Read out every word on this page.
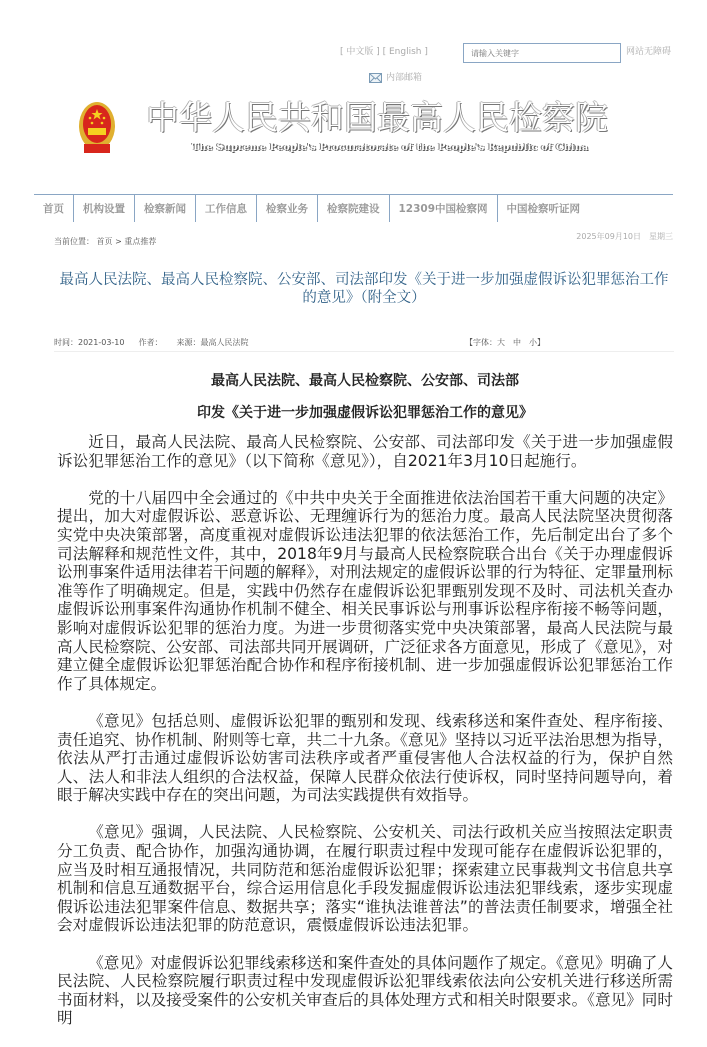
[ 中文版 ] [ English ]
请输入关键字	网站无障碍
内部邮箱
中华人民共和国最高人民检察院
The Supreme People's Procuratorate of the People's Republic of China
首页	机构设置	检察新闻	工作信息	检察业务	检察院建设	12309中国检察网	中国检察听证网
当前位置： 首页 > 重点推荐
2025年09月10日　星期三
最高人民法院、最高人民检察院、公安部、司法部印发《关于进一步加强虚假诉讼犯罪惩治工作的意见》（附全文）
时间：2021-03-10 作者： 来源：最高人民法院	【字体：大　中　小】
最高人民法院、最高人民检察院、公安部、司法部
印发《关于进一步加强虚假诉讼犯罪惩治工作的意见》

近日，最高人民法院、最高人民检察院、公安部、司法部印发《关于进一步加强虚假诉讼犯罪惩治工作的意见》（以下简称《意见》），自2021年3月10日起施行。

党的十八届四中全会通过的《中共中央关于全面推进依法治国若干重大问题的决定》提出，加大对虚假诉讼、恶意诉讼、无理缠诉行为的惩治力度。最高人民法院坚决贯彻落实党中央决策部署，高度重视对虚假诉讼违法犯罪的依法惩治工作，先后制定出台了多个司法解释和规范性文件，其中，2018年9月与最高人民检察院联合出台《关于办理虚假诉讼刑事案件适用法律若干问题的解释》，对刑法规定的虚假诉讼罪的行为特征、定罪量刑标准等作了明确规定。但是，实践中仍然存在虚假诉讼犯罪甄别发现不及时、司法机关查办虚假诉讼刑事案件沟通协作机制不健全、相关民事诉讼与刑事诉讼程序衔接不畅等问题，影响对虚假诉讼犯罪的惩治力度。为进一步贯彻落实党中央决策部署，最高人民法院与最高人民检察院、公安部、司法部共同开展调研，广泛征求各方面意见，形成了《意见》，对建立健全虚假诉讼犯罪惩治配合协作和程序衔接机制、进一步加强虚假诉讼犯罪惩治工作作了具体规定。

《意见》包括总则、虚假诉讼犯罪的甄别和发现、线索移送和案件查处、程序衔接、责任追究、协作机制、附则等七章，共二十九条。《意见》坚持以习近平法治思想为指导，依法从严打击通过虚假诉讼妨害司法秩序或者严重侵害他人合法权益的行为，保护自然人、法人和非法人组织的合法权益，保障人民群众依法行使诉权，同时坚持问题导向，着眼于解决实践中存在的突出问题，为司法实践提供有效指导。

《意见》强调，人民法院、人民检察院、公安机关、司法行政机关应当按照法定职责分工负责、配合协作，加强沟通协调，在履行职责过程中发现可能存在虚假诉讼犯罪的，应当及时相互通报情况，共同防范和惩治虚假诉讼犯罪；探索建立民事裁判文书信息共享机制和信息互通数据平台，综合运用信息化手段发掘虚假诉讼违法犯罪线索，逐步实现虚假诉讼违法犯罪案件信息、数据共享；落实“谁执法谁普法”的普法责任制要求，增强全社会对虚假诉讼违法犯罪的防范意识，震慑虚假诉讼违法犯罪。

《意见》对虚假诉讼犯罪线索移送和案件查处的具体问题作了规定。《意见》明确了人民法院、人民检察院履行职责过程中发现虚假诉讼犯罪线索依法向公安机关进行移送所需书面材料，以及接受案件的公安机关审查后的具体处理方式和相关时限要求。《意见》同时明
